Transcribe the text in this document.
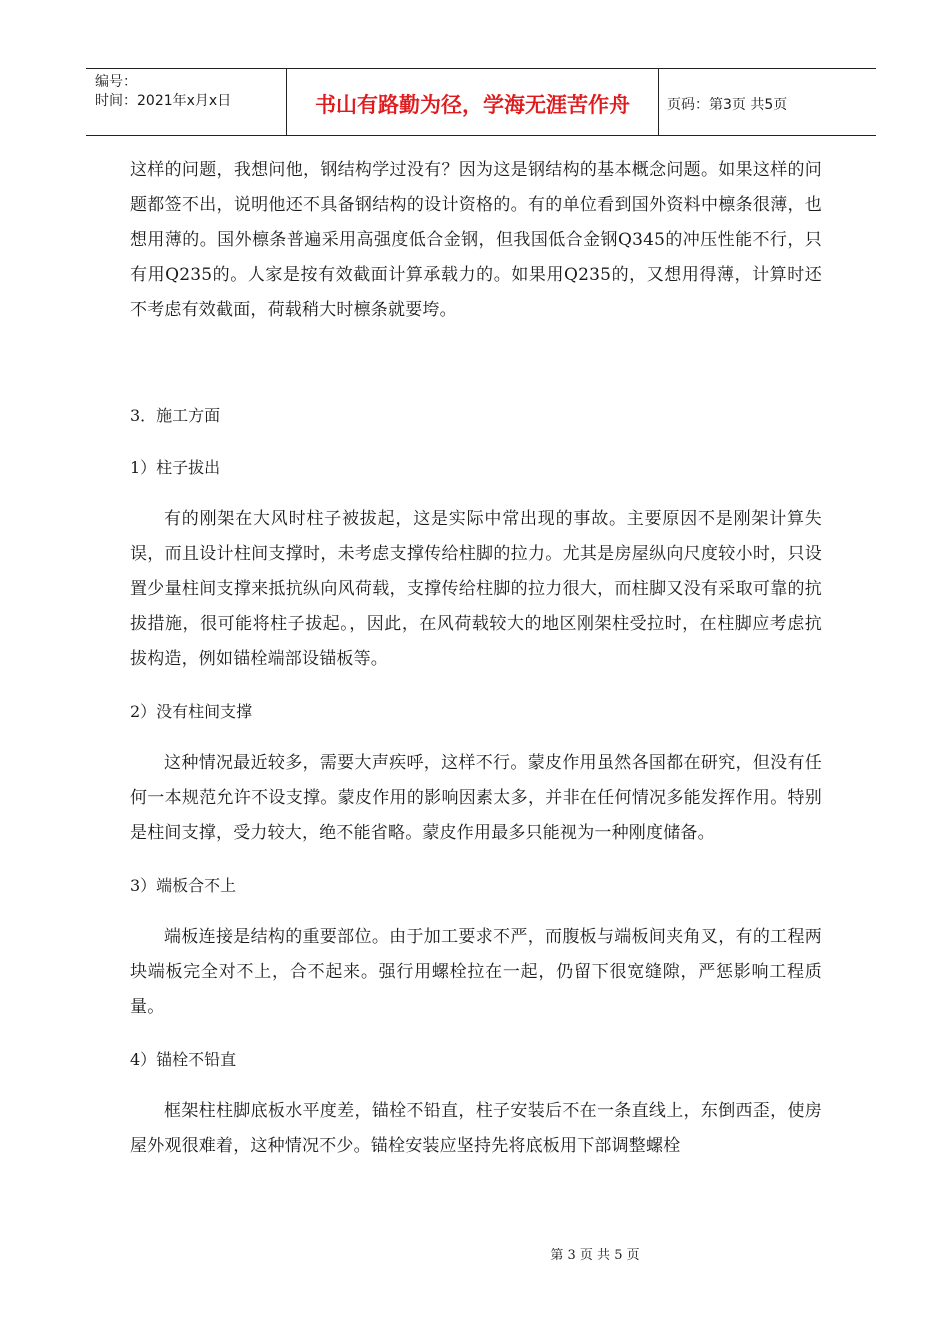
编号：
时间：2021年x月x日	书山有路勤为径，学海无涯苦作舟	页码：第3页 共5页

这样的问题，我想问他，钢结构学过没有？因为这是钢结构的基本概念问题。如果这样的问题都签不出，说明他还不具备钢结构的设计资格的。有的单位看到国外资料中檩条很薄，也想用薄的。国外檩条普遍采用高强度低合金钢，但我国低合金钢Q345的冲压性能不行，只有用Q235的。人家是按有效截面计算承载力的。如果用Q235的，又想用得薄，计算时还不考虑有效截面，荷载稍大时檩条就要垮。

3．施工方面

1）柱子拔出

有的刚架在大风时柱子被拔起，这是实际中常出现的事故。主要原因不是刚架计算失误，而且设计柱间支撑时，未考虑支撑传给柱脚的拉力。尤其是房屋纵向尺度较小时，只设置少量柱间支撑来抵抗纵向风荷载，支撑传给柱脚的拉力很大，而柱脚又没有采取可靠的抗拔措施，很可能将柱子拔起。，因此，在风荷载较大的地区刚架柱受拉时，在柱脚应考虑抗拔构造，例如锚栓端部设锚板等。

2）没有柱间支撑

这种情况最近较多，需要大声疾呼，这样不行。蒙皮作用虽然各国都在研究，但没有任何一本规范允许不设支撑。蒙皮作用的影响因素太多，并非在任何情况多能发挥作用。特别是柱间支撑，受力较大，绝不能省略。蒙皮作用最多只能视为一种刚度储备。

3）端板合不上

端板连接是结构的重要部位。由于加工要求不严，而腹板与端板间夹角叉，有的工程两块端板完全对不上，合不起来。强行用螺栓拉在一起，仍留下很宽缝隙，严惩影响工程质量。

4）锚栓不铅直

框架柱柱脚底板水平度差，锚栓不铅直，柱子安装后不在一条直线上，东倒西歪，使房屋外观很难着，这种情况不少。锚栓安装应坚持先将底板用下部调整螺栓

第 3 页 共 5 页
